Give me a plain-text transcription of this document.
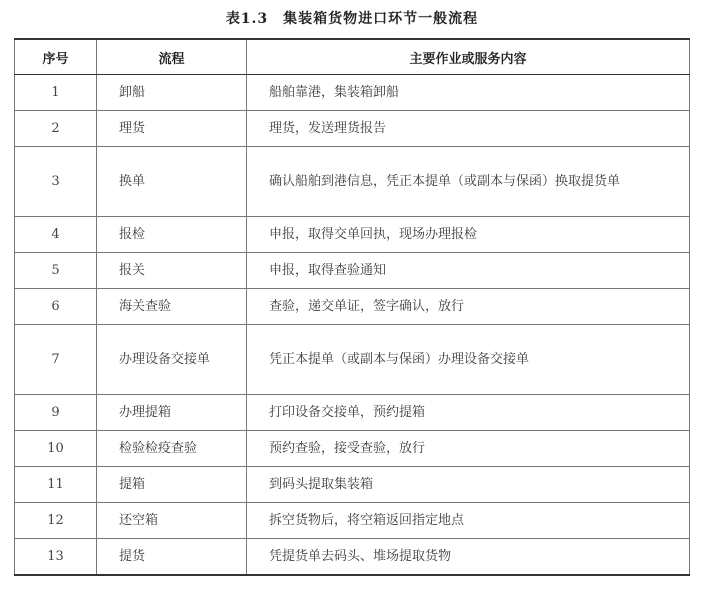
表1.3　集装箱货物进口环节一般流程
序号	流程	主要作业或服务内容
1	卸船	船舶靠港，集装箱卸船
2	理货	理货，发送理货报告
3	换单	确认船舶到港信息，凭正本提单（或副本与保函）换取提货单
4	报检	申报，取得交单回执，现场办理报检
5	报关	申报，取得查验通知
6	海关查验	查验，递交单证，签字确认，放行
7	办理设备交接单	凭正本提单（或副本与保函）办理设备交接单
9	办理提箱	打印设备交接单，预约提箱
10	检验检疫查验	预约查验，接受查验，放行
11	提箱	到码头提取集装箱
12	还空箱	拆空货物后，将空箱返回指定地点
13	提货	凭提货单去码头、堆场提取货物
